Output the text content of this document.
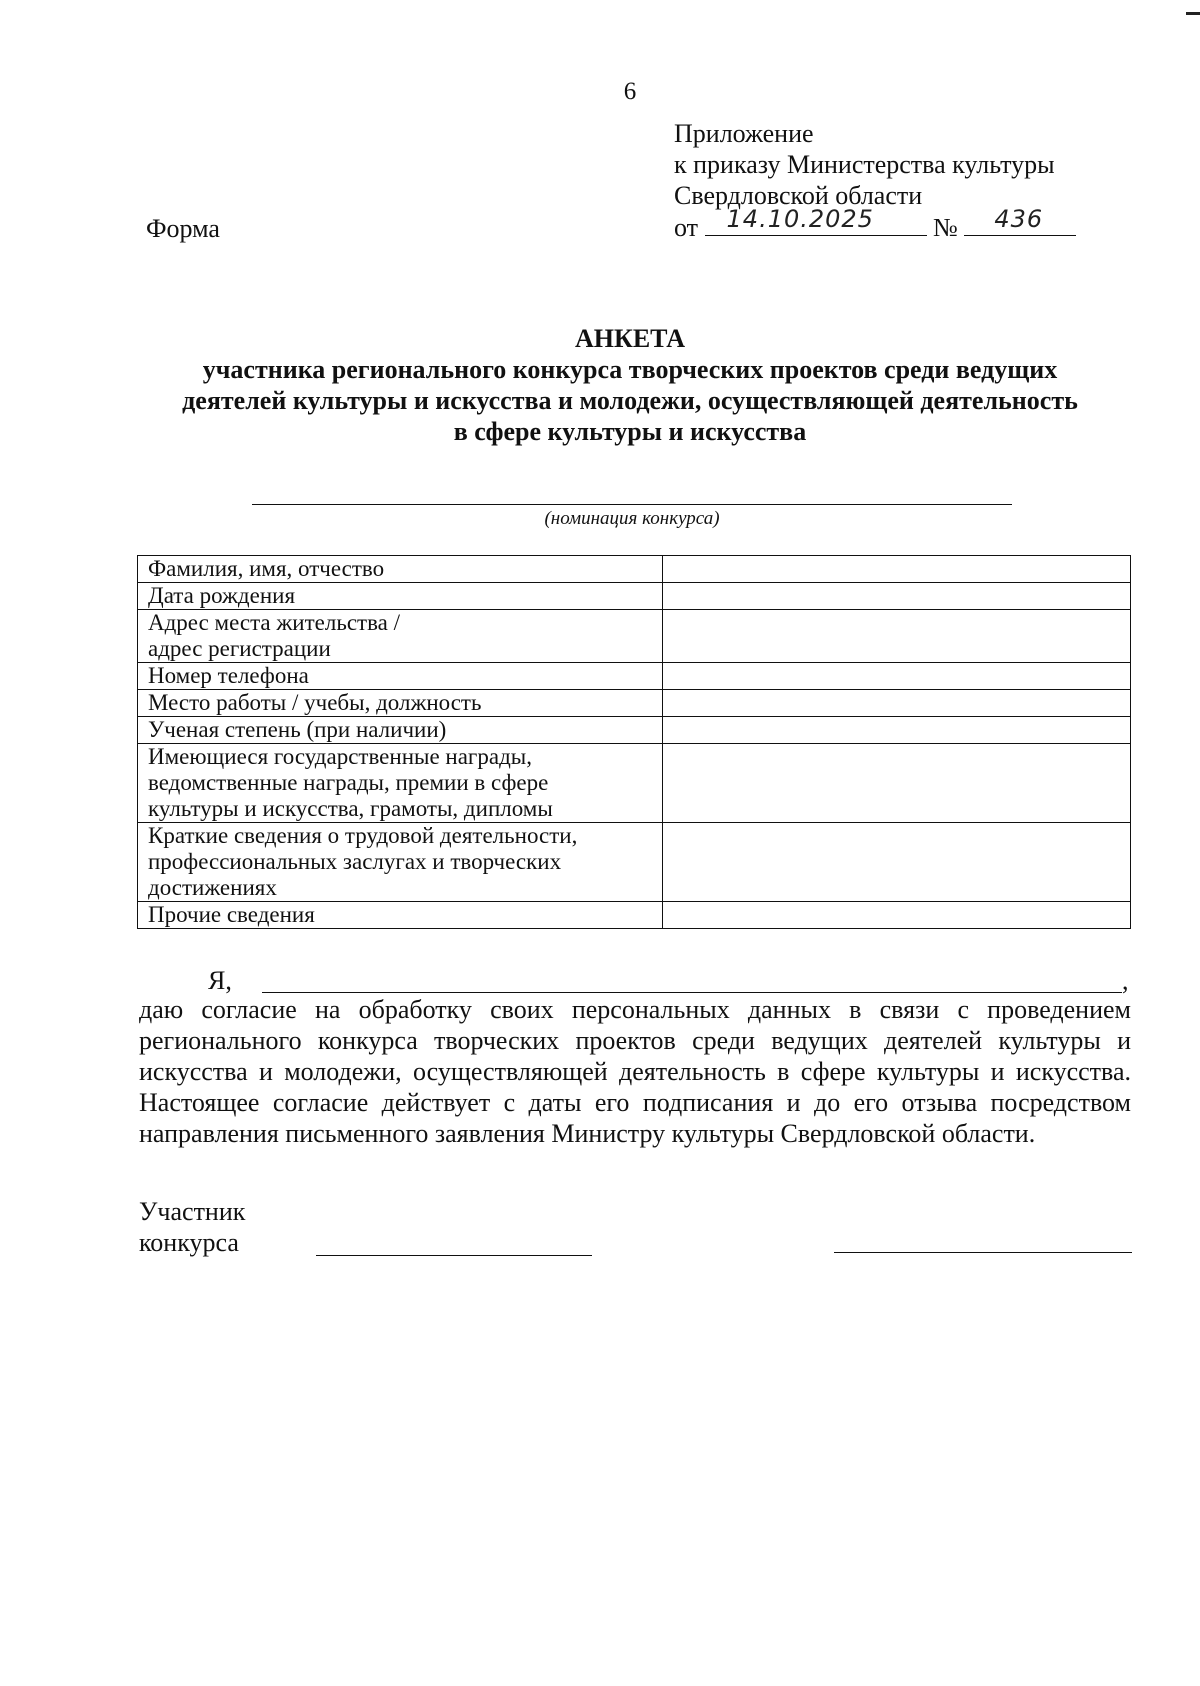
6
Приложение
к приказу Министерства культуры
Свердловской области
от 14.10.2025 № 436
Форма
АНКЕТА
участника регионального конкурса творческих проектов среди ведущих
деятелей культуры и искусства и молодежи, осуществляющей деятельность
в сфере культуры и искусства
(номинация конкурса)
Фамилия, имя, отчество	

Дата рождения	

Адрес места жительства /
адрес регистрации	

Номер телефона	

Место работы / учебы, должность	

Ученая степень (при наличии)	

Имеющиеся государственные награды,
ведомственные награды, премии в сфере
культуры и искусства, грамоты, дипломы	

Краткие сведения о трудовой деятельности,
профессиональных заслугах и творческих
достижениях	

Прочие сведения	

Я,	,
даю согласие на обработку своих персональных данных в связи с проведением регионального конкурса творческих проектов среди ведущих деятелей культуры и искусства и молодежи, осуществляющей деятельность в сфере культуры и искусства. Настоящее согласие действует с даты его подписания и до его отзыва посредством направления письменного заявления Министру культуры Свердловской области.
Участник
конкурса
